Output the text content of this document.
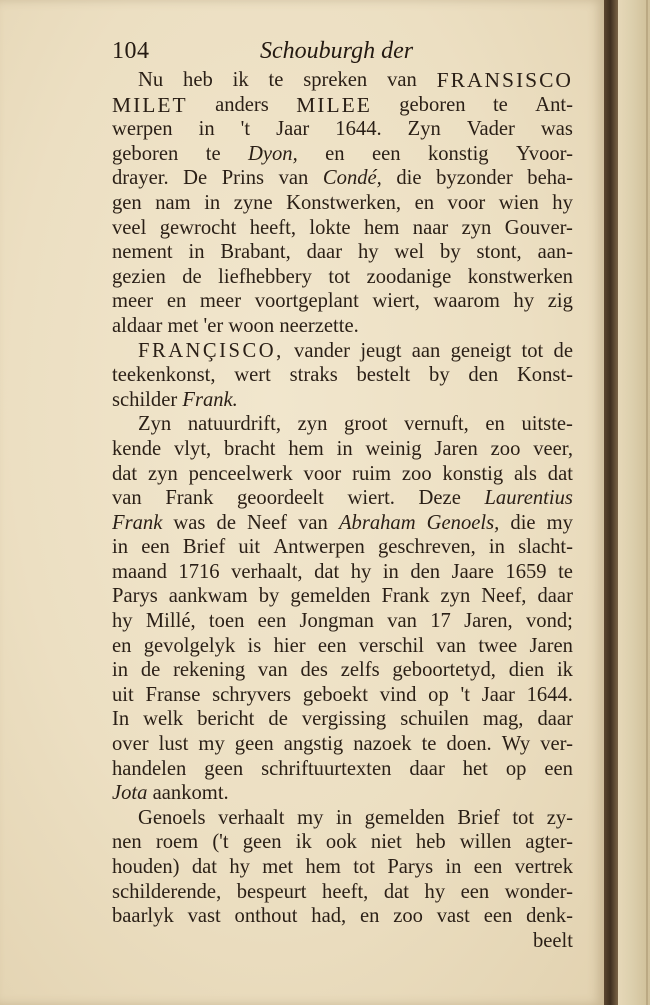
104	Schouburgh der
Nu heb ik te spreken van FRANSISCO
MILET anders MILEE geboren te Ant-
werpen in 't Jaar 1644. Zyn Vader was
geboren te Dyon, en een konstig Yvoor-
drayer. De Prins van Condé, die byzonder beha-
gen nam in zyne Konstwerken, en voor wien hy
veel gewrocht heeft, lokte hem naar zyn Gouver-
nement in Brabant, daar hy wel by stont, aan-
gezien de liefhebbery tot zoodanige konstwerken
meer en meer voortgeplant wiert, waarom hy zig
aldaar
met
'er
woon
neerzette.
FRANÇISCO, vander jeugt aan geneigt tot de
teekenkonst, wert straks bestelt by den Konst-
schilder
Frank.
Zyn natuurdrift, zyn groot vernuft, en uitste-
kende vlyt, bracht hem in weinig Jaren zoo veer,
dat zyn penceelwerk voor ruim zoo konstig als dat
van Frank geoordeelt wiert. Deze Laurentius
Frank was de Neef van Abraham Genoels, die my
in een Brief uit Antwerpen geschreven, in slacht-
maand 1716 verhaalt, dat hy in den Jaare 1659 te
Parys aankwam by gemelden Frank zyn Neef, daar
hy Millé, toen een Jongman van 17 Jaren, vond;
en gevolgelyk is hier een verschil van twee Jaren
in de rekening van des zelfs geboortetyd, dien ik
uit Franse schryvers geboekt vind op 't Jaar 1644.
In welk bericht de vergissing schuilen mag, daar
over lust my geen angstig nazoek te doen. Wy ver-
handelen geen schriftuurtexten daar het op een
Jota
aankomt.
Genoels verhaalt my in gemelden Brief tot zy-
nen roem ('t geen ik ook niet heb willen agter-
houden) dat hy met hem tot Parys in een vertrek
schilderende, bespeurt heeft, dat hy een wonder-
baarlyk vast onthout had, en zoo vast een denk-
beelt
